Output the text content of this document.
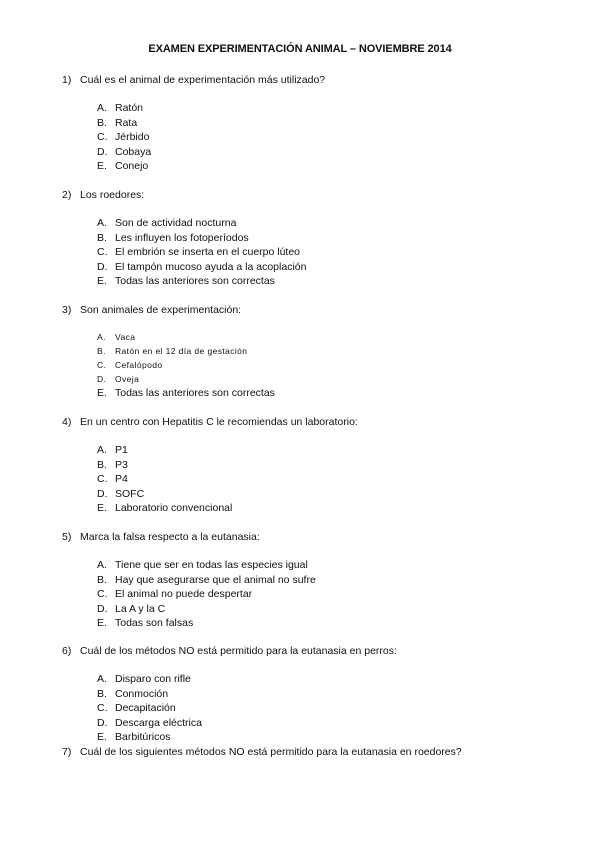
EXAMEN EXPERIMENTACIÓN ANIMAL – NOVIEMBRE 2014
1) Cuál es el animal de experimentación más utilizado?
A. Ratón
B. Rata
C. Jérbido
D. Cobaya
E. Conejo
2) Los roedores:
A. Son de actividad nocturna
B. Les influyen los fotoperíodos
C. El embrión se inserta en el cuerpo lúteo
D. El tampón mucoso ayuda a la acoplación
E. Todas las anteriores son correctas
3) Son animales de experimentación:
A. Vaca
B. Ratón en el 12 día de gestación
C. Cefalópodo
D. Oveja
E. Todas las anteriores son correctas
4) En un centro con Hepatitis C le recomiendas un laboratorio:
A. P1
B. P3
C. P4
D. SOFC
E. Laboratorio convencional
5) Marca la falsa respecto a la eutanasia:
A. Tiene que ser en todas las especies igual
B. Hay que asegurarse que el animal no sufre
C. El animal no puede despertar
D. La A y la C
E. Todas son falsas
6) Cuál de los métodos NO está permitido para la eutanasia en perros:
A. Disparo con rifle
B. Conmoción
C. Decapitación
D. Descarga eléctrica
E. Barbitúricos
7) Cuál de los siguientes métodos NO está permitido para la eutanasia en roedores?
